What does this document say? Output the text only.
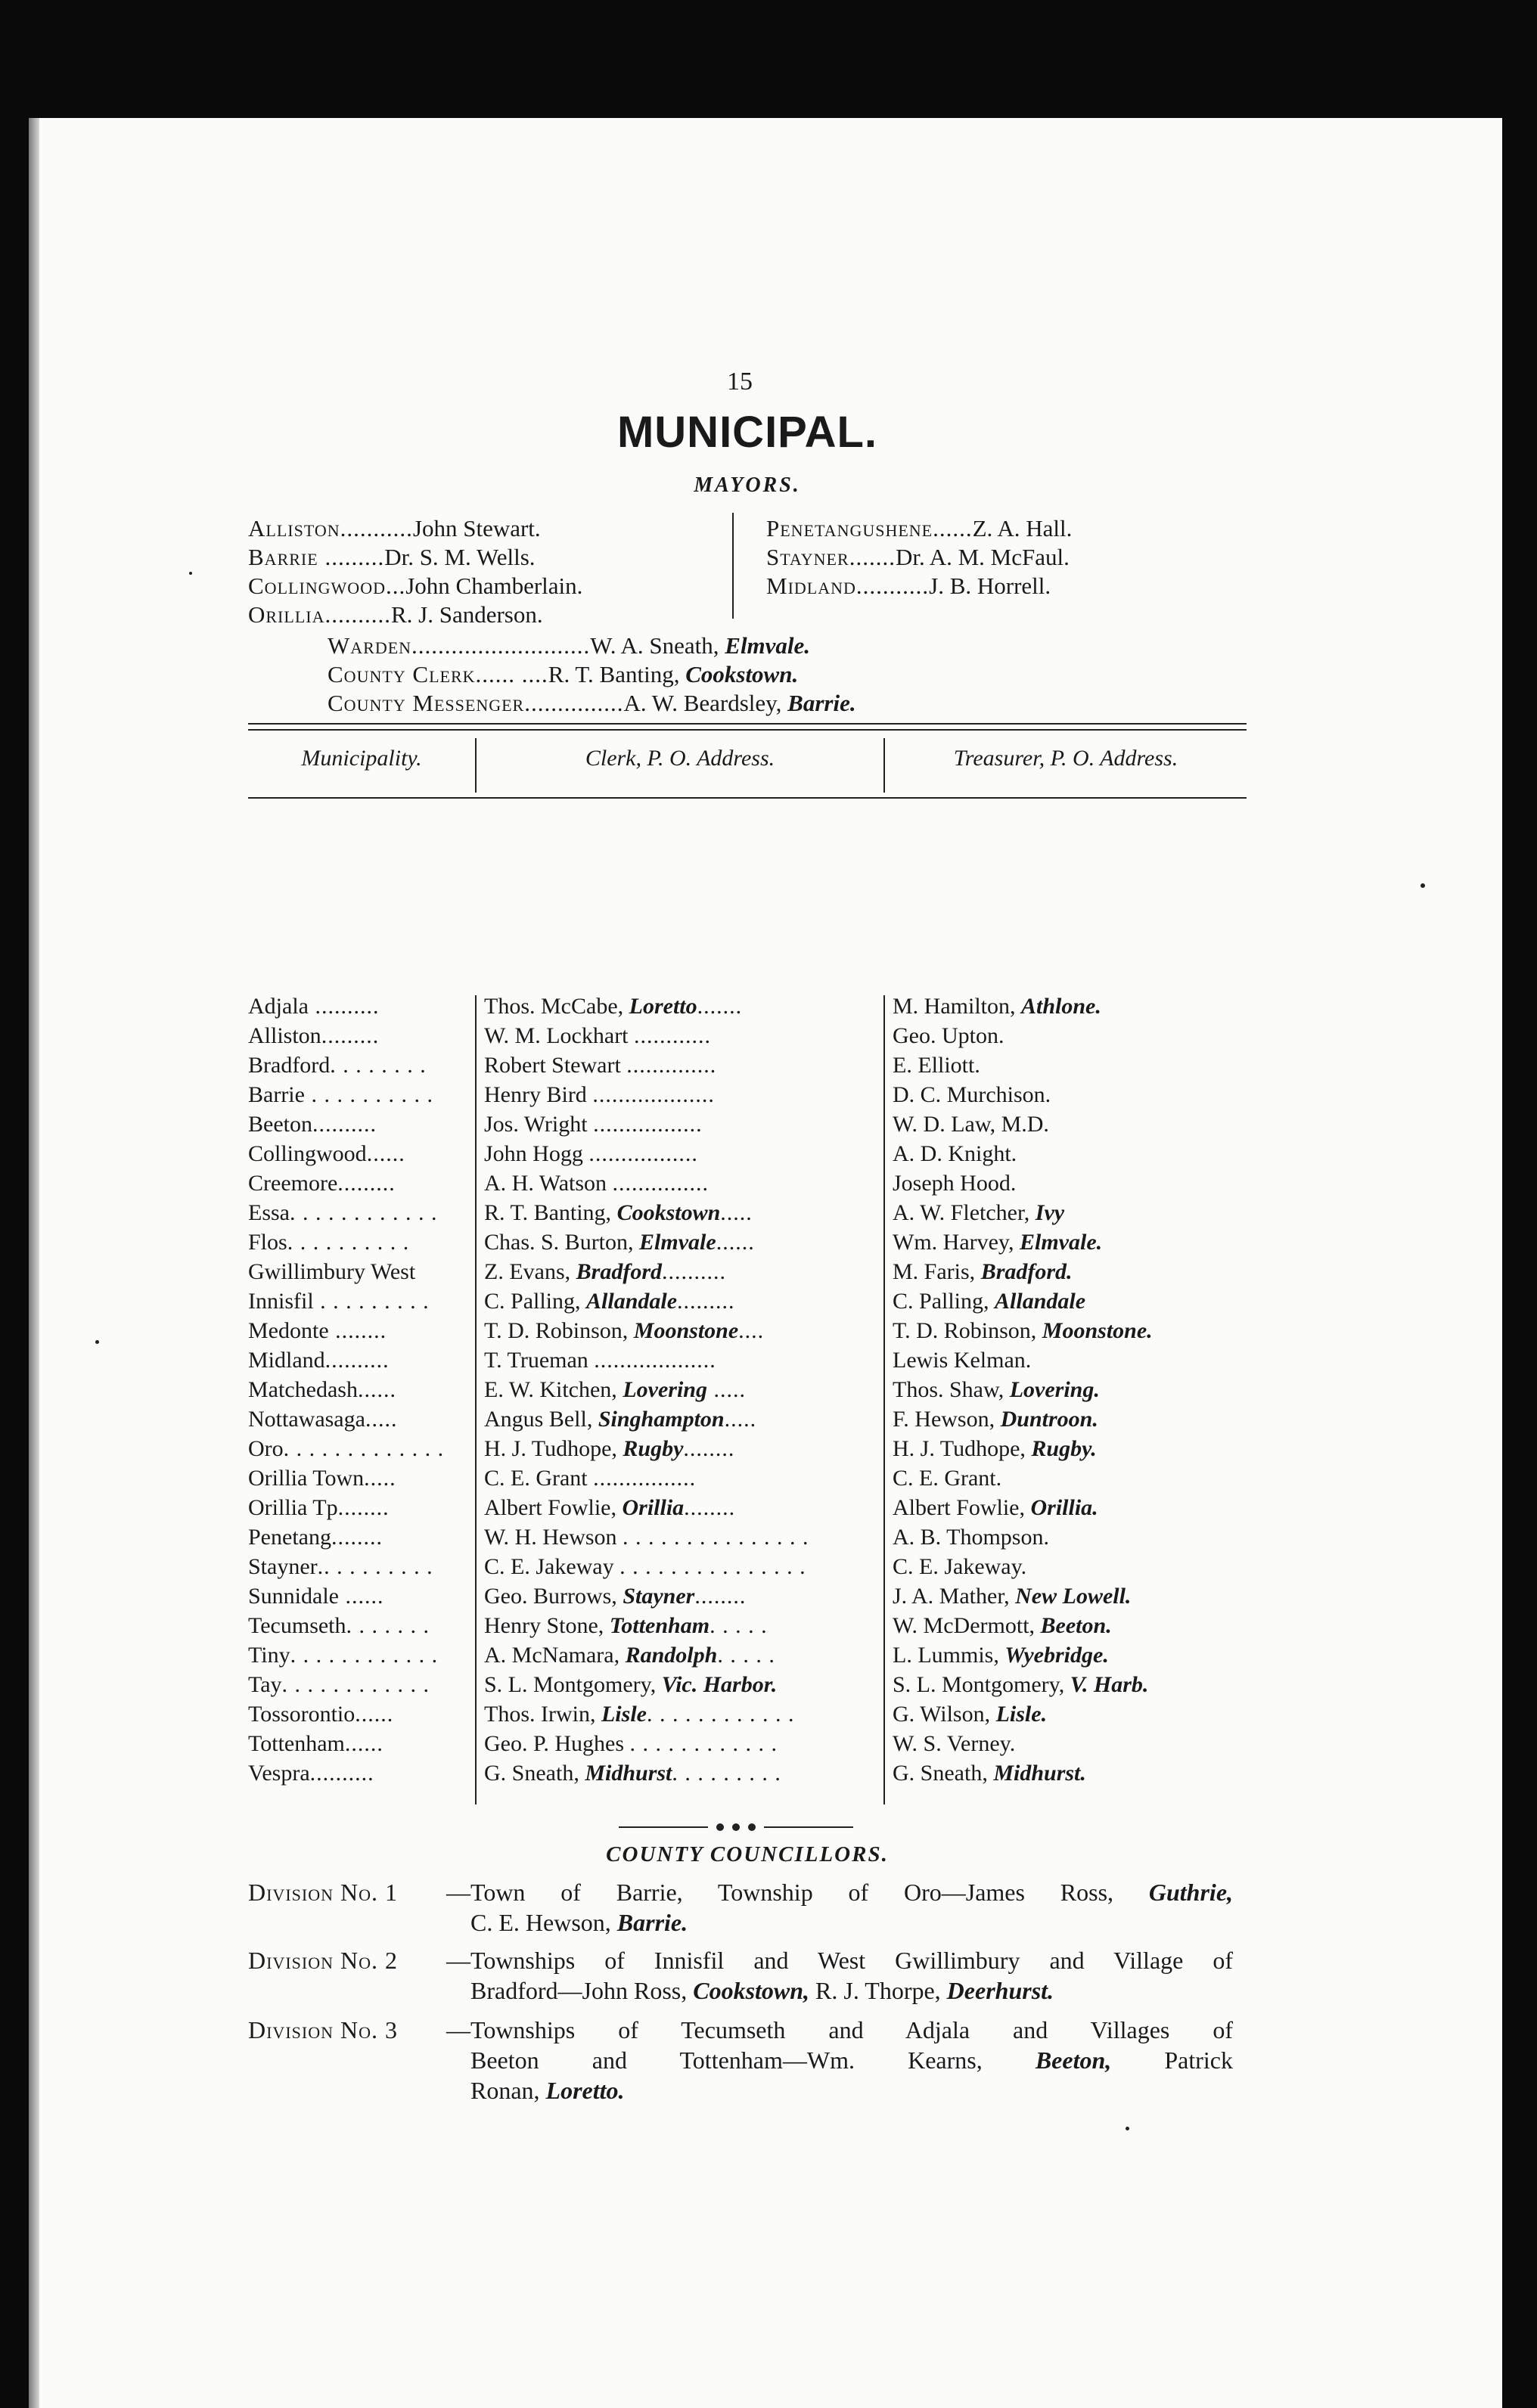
15
MUNICIPAL.
MAYORS.
Alliston...........John Stewart.
Barrie .........Dr. S. M. Wells.
Collingwood...John Chamberlain.
Orillia..........R. J. Sanderson.
Penetangushene......Z. A. Hall.
Stayner.......Dr. A. M. McFaul.
Midland...........J. B. Horrell.
Warden...........................W. A. Sneath, Elmvale.
County Clerk...... ....R. T. Banting, Cookstown.
County Messenger...............A. W. Beardsley, Barrie.
Municipality.	Clerk, P. O. Address.	Treasurer, P. O. Address.
Adjala ..........	Thos. McCabe, Loretto.......	M. Hamilton, Athlone.
Alliston.........	W. M. Lockhart ............	Geo. Upton.
Bradford. . . . . . . .	Robert Stewart ..............	E. Elliott.
Barrie . . . . . . . . . . Henry Bird ...................	D. C. Murchison.
Beeton..........	Jos. Wright .................	W. D. Law, M.D.
Collingwood......	John Hogg .................	A. D. Knight.
Creemore.........	A. H. Watson ...............	Joseph Hood.
Essa. . . . . . . . . . . . R. T. Banting, Cookstown.....	A. W. Fletcher, Ivy
Flos. . . . . . . . . .	Chas. S. Burton, Elmvale......	Wm. Harvey, Elmvale.
Gwillimbury West	Z. Evans, Bradford..........	M. Faris, Bradford.
Innisfil . . . . . . . . . C. Palling, Allandale.........	C. Palling, Allandale
Medonte ........	T. D. Robinson, Moonstone....	T. D. Robinson, Moonstone.
Midland..........	T. Trueman ...................	Lewis Kelman.
Matchedash......	E. W. Kitchen, Lovering .....	Thos. Shaw, Lovering.
Nottawasaga.....	Angus Bell, Singhampton.....	F. Hewson, Duntroon.
Oro. . . . . . . . . . . . . H. J. Tudhope, Rugby........	H. J. Tudhope, Rugby.
Orillia Town.....	C. E. Grant ................	C. E. Grant.
Orillia Tp........	Albert Fowlie, Orillia........	Albert Fowlie, Orillia.
Penetang........	W. H. Hewson . . . . . . . . . . . . . . .	A. B. Thompson.
Stayner.. . . . . . . . . C. E. Jakeway . . . . . . . . . . . . . . .	C. E. Jakeway.
Sunnidale ......	Geo. Burrows, Stayner........	J. A. Mather, New Lowell.
Tecumseth. . . . . . . Henry Stone, Tottenham. . . . .	W. McDermott, Beeton.
Tiny. . . . . . . . . . . . A. McNamara, Randolph. . . . .	L. Lummis, Wyebridge.
Tay. . . . . . . . . . . . S. L. Montgomery, Vic. Harbor.	S. L. Montgomery, V. Harb.
Tossorontio......	Thos. Irwin, Lisle. . . . . . . . . . . .	G. Wilson, Lisle.
Tottenham......	Geo. P. Hughes . . . . . . . . . . . .	W. S. Verney.
Vespra..........	G. Sneath, Midhurst. . . . . . . . .	G. Sneath, Midhurst.
COUNTY COUNCILLORS.
Division No. 1 —Town of Barrie, Township of Oro—James Ross, Guthrie,
C. E. Hewson, Barrie.
Division No. 2 —Townships of Innisfil and West Gwillimbury and Village of
Bradford—John Ross, Cookstown, R. J. Thorpe, Deerhurst.
Division No. 3 —Townships of Tecumseth and Adjala and Villages of
Beeton and Tottenham—Wm. Kearns, Beeton, Patrick
Ronan, Loretto.
